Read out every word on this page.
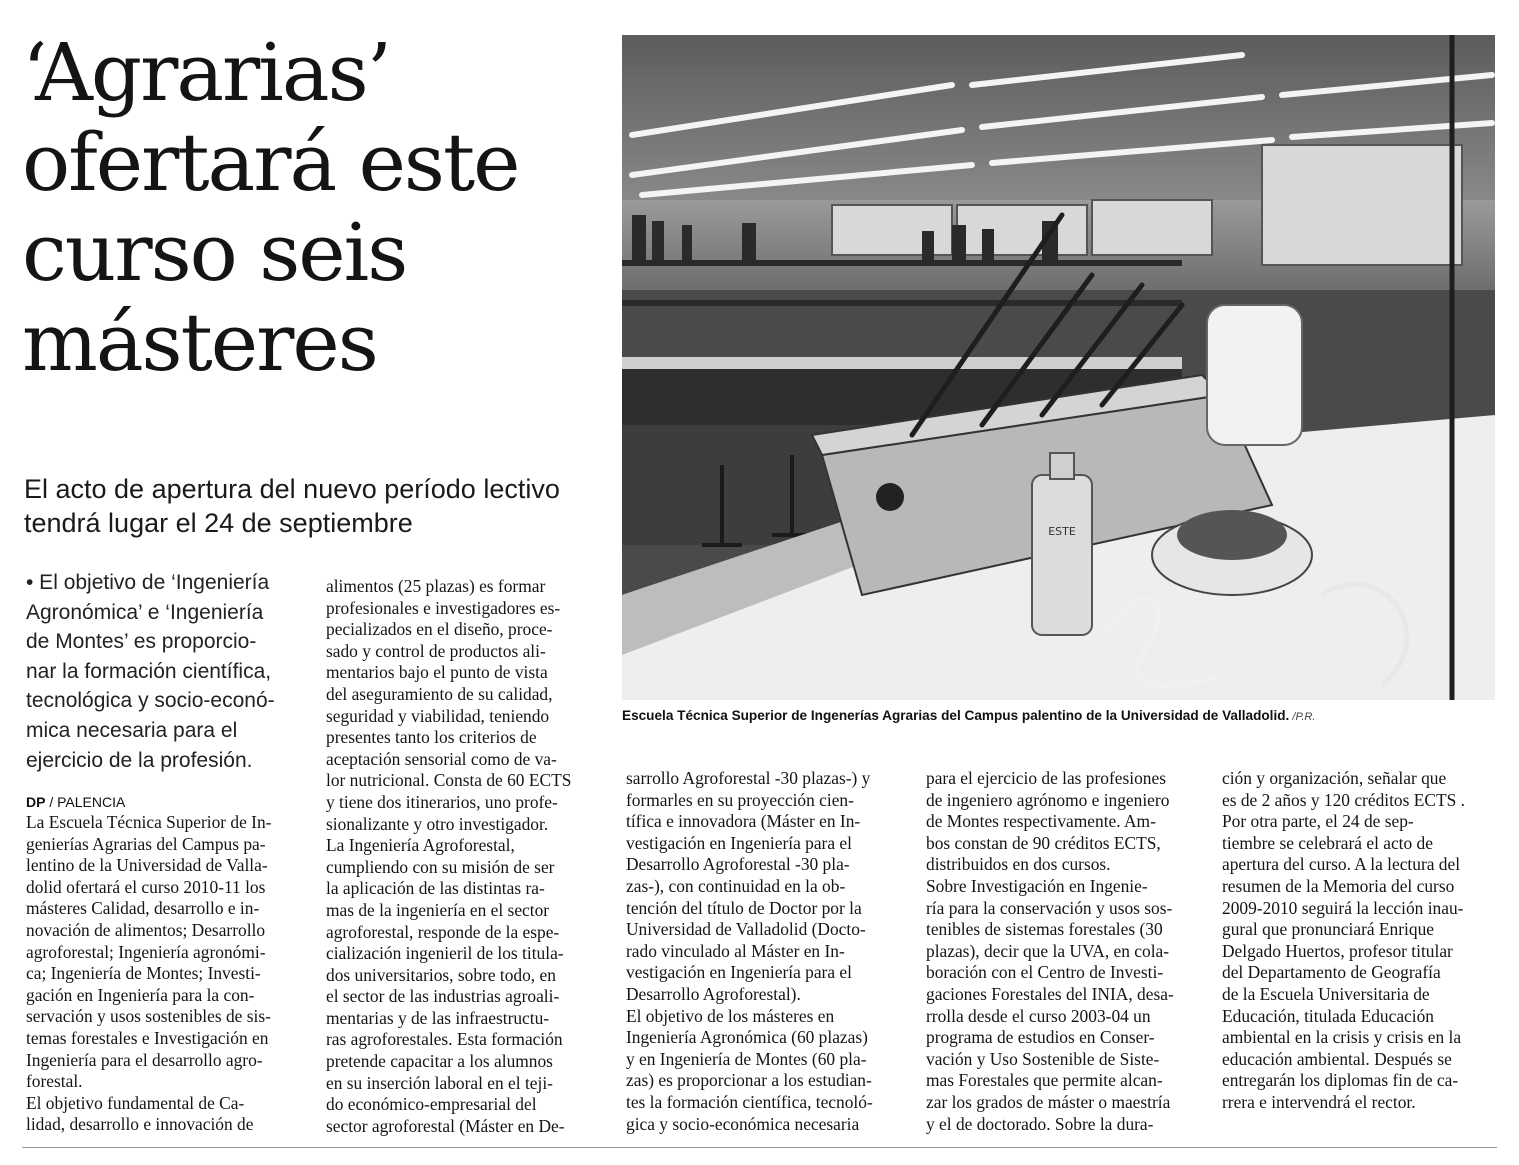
‘Agrarias’
ofertará este
curso seis
másteres
El acto de apertura del nuevo período lectivo
tendrá lugar el 24 de septiembre
• El objetivo de ‘Ingeniería
Agronómica’ e ‘Ingeniería
de Montes’ es proporcio-
nar la formación científica,
tecnológica y socio-econó-
mica necesaria para el
ejercicio de la profesión.
DP / PALENCIA
La Escuela Técnica Superior de In-
genierías Agrarias del Campus pa-
lentino de la Universidad de Valla-
dolid ofertará el curso 2010-11 los
másteres Calidad, desarrollo e in-
novación de alimentos; Desarrollo
agroforestal; Ingeniería agronómi-
ca; Ingeniería de Montes; Investi-
gación en Ingeniería para la con-
servación y usos sostenibles de sis-
temas forestales e Investigación en
Ingeniería para el desarrollo agro-
forestal.
El objetivo fundamental de Ca-
lidad, desarrollo e innovación de
alimentos (25 plazas) es formar
profesionales e investigadores es-
pecializados en el diseño, proce-
sado y control de productos ali-
mentarios bajo el punto de vista
del aseguramiento de su calidad,
seguridad y viabilidad, teniendo
presentes tanto los criterios de
aceptación sensorial como de va-
lor nutricional. Consta de 60 ECTS
y tiene dos itinerarios, uno profe-
sionalizante y otro investigador.
La Ingeniería Agroforestal,
cumpliendo con su misión de ser
la aplicación de las distintas ra-
mas de la ingeniería en el sector
agroforestal, responde de la espe-
cialización ingenieril de los titula-
dos universitarios, sobre todo, en
el sector de las industrias agroali-
mentarias y de las infraestructu-
ras agroforestales. Esta formación
pretende capacitar a los alumnos
en su inserción laboral en el teji-
do económico-empresarial del
sector agroforestal (Máster en De-
sarrollo Agroforestal -30 plazas-) y
formarles en su proyección cien-
tífica e innovadora (Máster en In-
vestigación en Ingeniería para el
Desarrollo Agroforestal -30 pla-
zas-), con continuidad en la ob-
tención del título de Doctor por la
Universidad de Valladolid (Docto-
rado vinculado al Máster en In-
vestigación en Ingeniería para el
Desarrollo Agroforestal).
El objetivo de los másteres en
Ingeniería Agronómica (60 plazas)
y en Ingeniería de Montes (60 pla-
zas) es proporcionar a los estudian-
tes la formación científica, tecnoló-
gica y socio-económica necesaria
para el ejercicio de las profesiones
de ingeniero agrónomo e ingeniero
de Montes respectivamente. Am-
bos constan de 90 créditos ECTS,
distribuidos en dos cursos.
Sobre Investigación en Ingenie-
ría para la conservación y usos sos-
tenibles de sistemas forestales (30
plazas), decir que la UVA, en cola-
boración con el Centro de Investi-
gaciones Forestales del INIA, desa-
rrolla desde el curso 2003-04 un
programa de estudios en Conser-
vación y Uso Sostenible de Siste-
mas Forestales que permite alcan-
zar los grados de máster o maestría
y el de doctorado. Sobre la dura-
ción y organización, señalar que
es de 2 años y 120 créditos ECTS .
Por otra parte, el 24 de sep-
tiembre se celebrará el acto de
apertura del curso. A la lectura del
resumen de la Memoria del curso
2009-2010 seguirá la lección inau-
gural que pronunciará Enrique
Delgado Huertos, profesor titular
del Departamento de Geografía
de la Escuela Universitaria de
Educación, titulada Educación
ambiental en la crisis y crisis en la
educación ambiental. Después se
entregarán los diplomas fin de ca-
rrera e intervendrá el rector.
ESTE
Escuela Técnica Superior de Ingenerías Agrarias del Campus palentino de la Universidad de Valladolid. /P.R.
